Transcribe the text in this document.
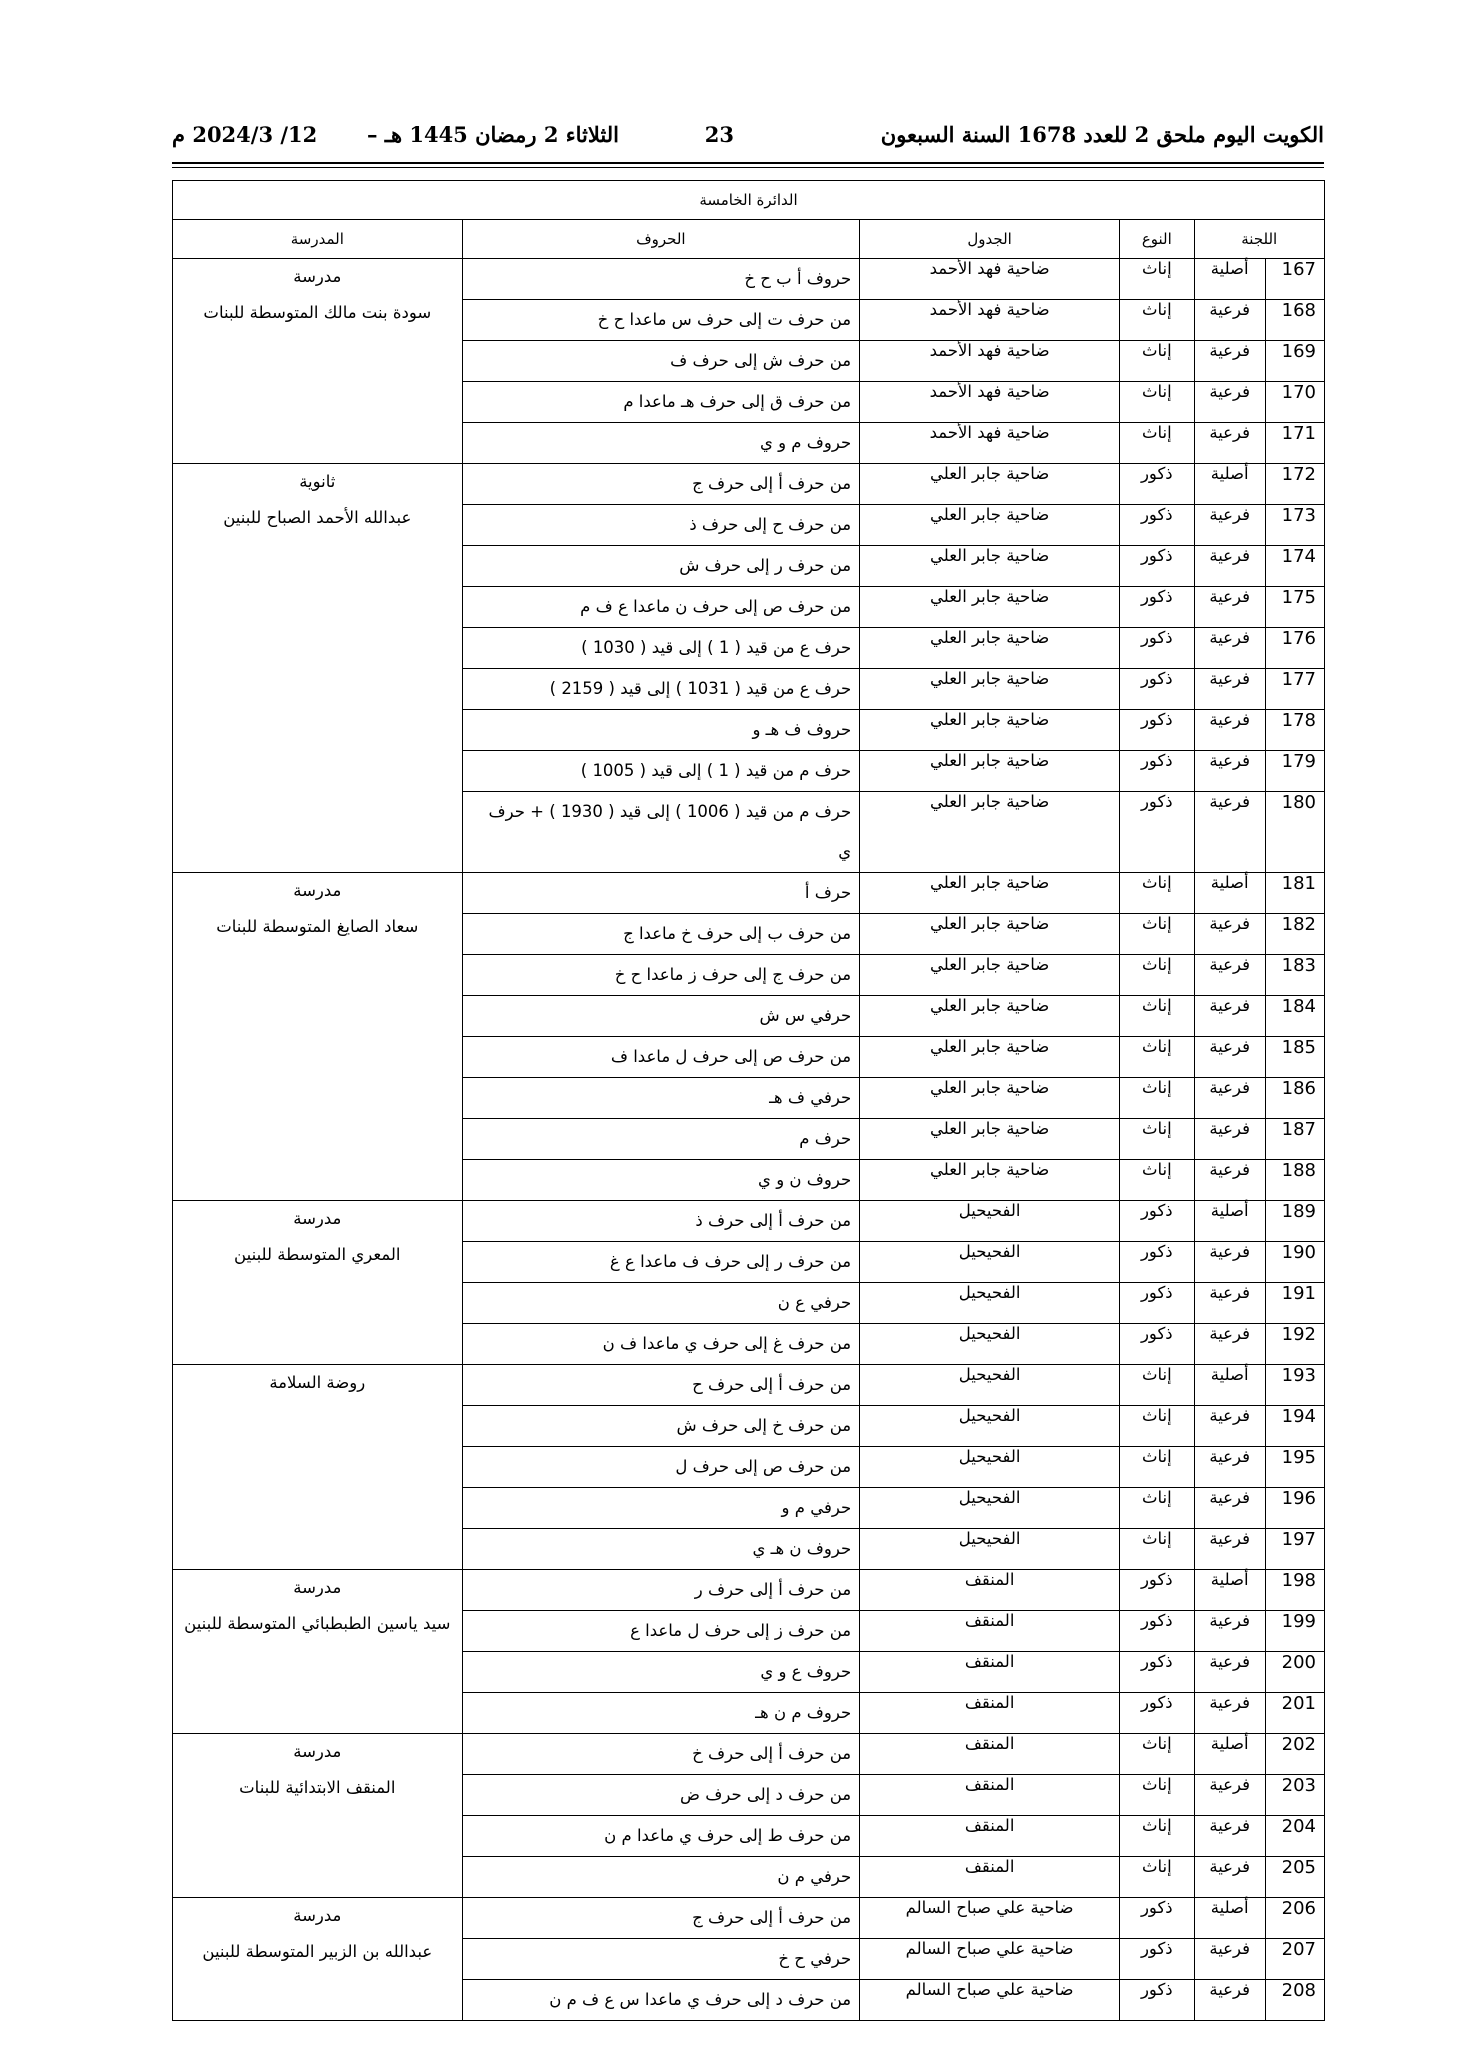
الكويت اليوم ملحق 2 للعدد 1678 السنة السبعون
23
الثلاثاء 2 رمضان 1445 هـ –
12/ 2024/3 م
الدائرة الخامسة					
اللجنة		النوع	الجدول	الحروف	المدرسة
167	أصلية	إناث	ضاحية فهد الأحمد	حروف أ ب ح خ	مدرسة
سودة بنت مالك المتوسطة للبنات

168	فرعية	إناث	ضاحية فهد الأحمد	من حرف ت إلى حرف س ماعدا ح خ	
169	فرعية	إناث	ضاحية فهد الأحمد	من حرف ش إلى حرف ف	
170	فرعية	إناث	ضاحية فهد الأحمد	من حرف ق إلى حرف هـ ماعدا م	
171	فرعية	إناث	ضاحية فهد الأحمد	حروف م و ي	
172	أصلية	ذكور	ضاحية جابر العلي	من حرف أ إلى حرف ج	ثانوية
عبدالله الأحمد الصباح للبنين

173	فرعية	ذكور	ضاحية جابر العلي	من حرف ح إلى حرف ذ	
174	فرعية	ذكور	ضاحية جابر العلي	من حرف ر إلى حرف ش	
175	فرعية	ذكور	ضاحية جابر العلي	من حرف ص إلى حرف ن ماعدا ع ف م	
176	فرعية	ذكور	ضاحية جابر العلي	حرف ع من قيد ( 1 ) إلى قيد ( 1030 )	
177	فرعية	ذكور	ضاحية جابر العلي	حرف ع من قيد ( 1031 ) إلى قيد ( 2159 )	
178	فرعية	ذكور	ضاحية جابر العلي	حروف ف هـ و	
179	فرعية	ذكور	ضاحية جابر العلي	حرف م من قيد ( 1 ) إلى قيد ( 1005 )	
180	فرعية	ذكور	ضاحية جابر العلي	حرف م من قيد ( 1006 ) إلى قيد ( 1930 ) + حرف ي	
181	أصلية	إناث	ضاحية جابر العلي	حرف أ	مدرسة
سعاد الصايغ المتوسطة للبنات

182	فرعية	إناث	ضاحية جابر العلي	من حرف ب إلى حرف خ ماعدا ج	
183	فرعية	إناث	ضاحية جابر العلي	من حرف ج إلى حرف ز ماعدا ح خ	
184	فرعية	إناث	ضاحية جابر العلي	حرفي س ش	
185	فرعية	إناث	ضاحية جابر العلي	من حرف ص إلى حرف ل ماعدا ف	
186	فرعية	إناث	ضاحية جابر العلي	حرفي ف هـ	
187	فرعية	إناث	ضاحية جابر العلي	حرف م	
188	فرعية	إناث	ضاحية جابر العلي	حروف ن و ي	
189	أصلية	ذكور	الفحيحيل	من حرف أ إلى حرف ذ	مدرسة
المعري المتوسطة للبنين

190	فرعية	ذكور	الفحيحيل	من حرف ر إلى حرف ف ماعدا ع غ	
191	فرعية	ذكور	الفحيحيل	حرفي ع ن	
192	فرعية	ذكور	الفحيحيل	من حرف غ إلى حرف ي ماعدا ف ن	
193	أصلية	إناث	الفحيحيل	من حرف أ إلى حرف ح	روضة السلامة

194	فرعية	إناث	الفحيحيل	من حرف خ إلى حرف ش	
195	فرعية	إناث	الفحيحيل	من حرف ص إلى حرف ل	
196	فرعية	إناث	الفحيحيل	حرفي م و	
197	فرعية	إناث	الفحيحيل	حروف ن هـ ي	
198	أصلية	ذكور	المنقف	من حرف أ إلى حرف ر	مدرسة
سيد ياسين الطبطبائي المتوسطة للبنين

199	فرعية	ذكور	المنقف	من حرف ز إلى حرف ل ماعدا ع	
200	فرعية	ذكور	المنقف	حروف ع و ي	
201	فرعية	ذكور	المنقف	حروف م ن هـ	
202	أصلية	إناث	المنقف	من حرف أ إلى حرف خ	مدرسة
المنقف الابتدائية للبنات

203	فرعية	إناث	المنقف	من حرف د إلى حرف ض	
204	فرعية	إناث	المنقف	من حرف ط إلى حرف ي ماعدا م ن	
205	فرعية	إناث	المنقف	حرفي م ن	
206	أصلية	ذكور	ضاحية علي صباح السالم	من حرف أ إلى حرف ج	مدرسة
عبدالله بن الزبير المتوسطة للبنين

207	فرعية	ذكور	ضاحية علي صباح السالم	حرفي ح خ	
208	فرعية	ذكور	ضاحية علي صباح السالم	من حرف د إلى حرف ي ماعدا س ع ف م ن	
